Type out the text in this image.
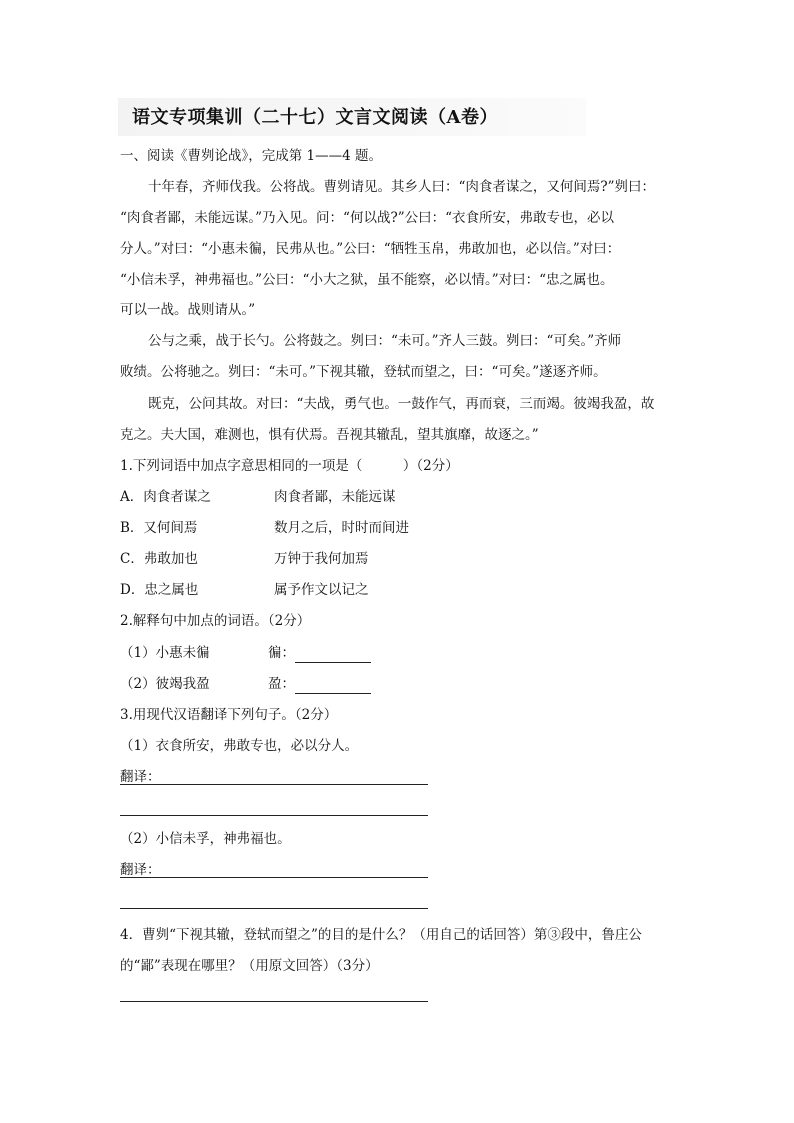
语文专项集训（二十七）文言文阅读（A卷）
一、阅读《曹刿论战》，完成第 1——4 题。
十年春，齐师伐我。公将战。曹刿请见。其乡人曰：“肉食者谋之，又何间焉?”刿曰：
“肉食者鄙，未能远谋。”乃入见。问：“何以战?”公曰：“衣食所安，弗敢专也，必以
分人。”对曰：“小惠未徧，民弗从也。”公曰：“牺牲玉帛，弗敢加也，必以信。”对曰：
“小信未孚，神弗福也。”公曰：“小大之狱，虽不能察，必以情。”对曰：“忠之属也。
可以一战。战则请从。”
公与之乘，战于长勺。公将鼓之。刿曰：“未可。”齐人三鼓。刿曰：“可矣。”齐师
败绩。公将驰之。刿曰：“未可。”下视其辙，登轼而望之，曰：“可矣。”遂逐齐师。
既克，公问其故。对曰：“夫战，勇气也。一鼓作气，再而衰，三而竭。彼竭我盈，故
克之。夫大国，难测也，惧有伏焉。吾视其辙乱，望其旗靡，故逐之。”
1.下列词语中加点字意思相同的一项是（　　　）（2分）
A．肉食者谋之	肉食者鄙，未能远谋
B．又何间焉	数月之后，时时而间进
C．弗敢加也	万钟于我何加焉
D．忠之属也	属予作文以记之
2.解释句中加点的词语。（2分）
（1）小惠未徧	徧：
（2）彼竭我盈	盈：
3.用现代汉语翻译下列句子。（2分）
（1）衣食所安，弗敢专也，必以分人。
翻译：
（2）小信未孚，神弗福也。
翻译：
4．曹刿“下视其辙，登轼而望之”的目的是什么？（用自己的话回答）第③段中，鲁庄公
的“鄙”表现在哪里？（用原文回答）（3分）
